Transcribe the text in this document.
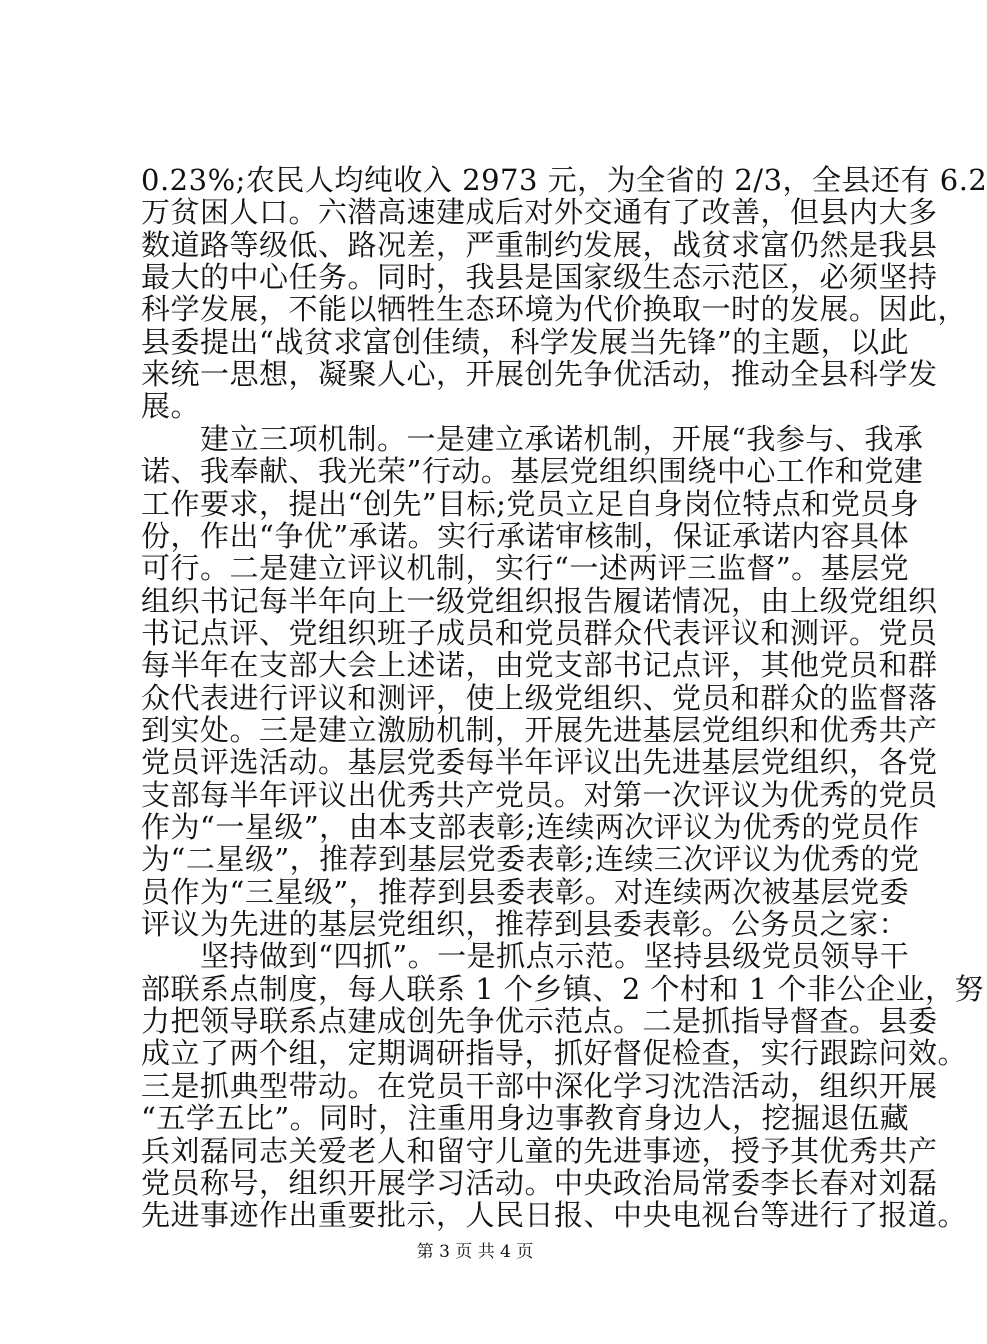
0.23%;农民人均纯收入 2973 元，为全省的 2/3，全县还有 6.2
万贫困人口。六潜高速建成后对外交通有了改善，但县内大多
数道路等级低、路况差，严重制约发展，战贫求富仍然是我县
最大的中心任务。同时，我县是国家级生态示范区，必须坚持
科学发展，不能以牺牲生态环境为代价换取一时的发展。因此，
县委提出“战贫求富创佳绩，科学发展当先锋”的主题，以此
来统一思想，凝聚人心，开展创先争优活动，推动全县科学发
展。
　　建立三项机制。一是建立承诺机制，开展“我参与、我承
诺、我奉献、我光荣”行动。基层党组织围绕中心工作和党建
工作要求，提出“创先”目标;党员立足自身岗位特点和党员身
份，作出“争优”承诺。实行承诺审核制，保证承诺内容具体
可行。二是建立评议机制，实行“一述两评三监督”。基层党
组织书记每半年向上一级党组织报告履诺情况，由上级党组织
书记点评、党组织班子成员和党员群众代表评议和测评。党员
每半年在支部大会上述诺，由党支部书记点评，其他党员和群
众代表进行评议和测评，使上级党组织、党员和群众的监督落
到实处。三是建立激励机制，开展先进基层党组织和优秀共产
党员评选活动。基层党委每半年评议出先进基层党组织，各党
支部每半年评议出优秀共产党员。对第一次评议为优秀的党员
作为“一星级”，由本支部表彰;连续两次评议为优秀的党员作
为“二星级”，推荐到基层党委表彰;连续三次评议为优秀的党
员作为“三星级”，推荐到县委表彰。对连续两次被基层党委
评议为先进的基层党组织，推荐到县委表彰。公务员之家：
　　坚持做到“四抓”。一是抓点示范。坚持县级党员领导干
部联系点制度，每人联系 1 个乡镇、2 个村和 1 个非公企业，努
力把领导联系点建成创先争优示范点。二是抓指导督查。县委
成立了两个组，定期调研指导，抓好督促检查，实行跟踪问效。
三是抓典型带动。在党员干部中深化学习沈浩活动，组织开展
“五学五比”。同时，注重用身边事教育身边人，挖掘退伍藏
兵刘磊同志关爱老人和留守儿童的先进事迹，授予其优秀共产
党员称号，组织开展学习活动。中央政治局常委李长春对刘磊
先进事迹作出重要批示，人民日报、中央电视台等进行了报道。
第 3 页 共 4 页
